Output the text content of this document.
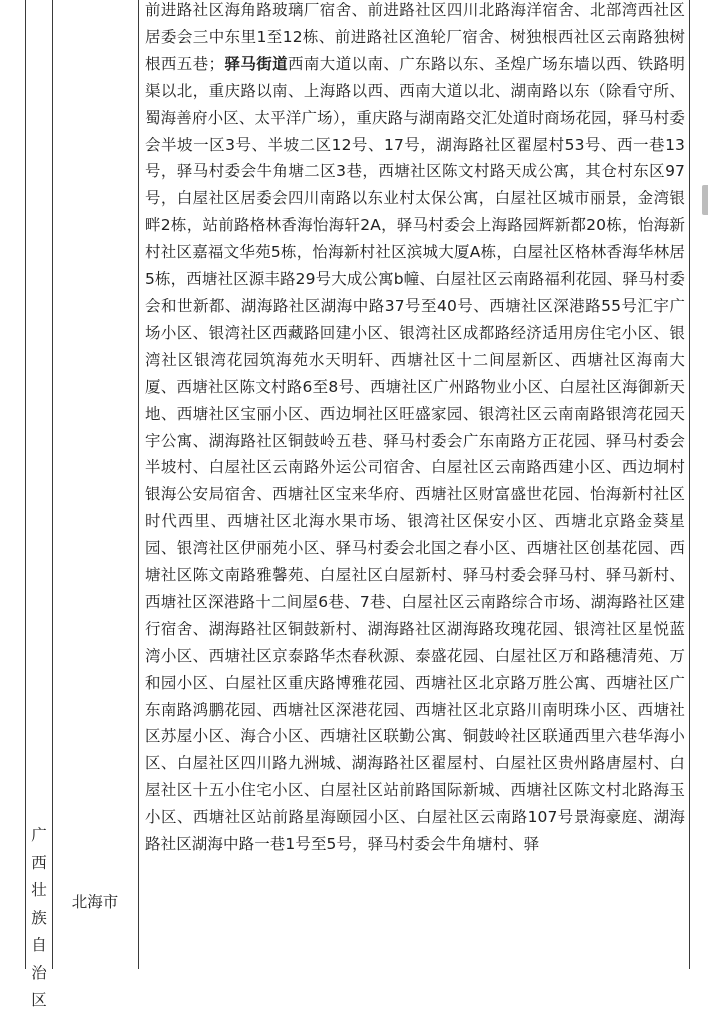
广西壮族自治区
北海市

前进路社区海角路玻璃厂宿舍、前进路社区四川北路海洋宿舍、北部湾西社区居委会三中东里1至12栋、前进路社区渔轮厂宿舍、树独根西社区云南路独树根西五巷；驿马街道西南大道以南、广东路以东、圣煌广场东墙以西、铁路明渠以北，重庆路以南、上海路以西、西南大道以北、湖南路以东（除看守所、蜀海善府小区、太平洋广场），重庆路与湖南路交汇处道时商场花园，驿马村委会半坡一区3号、半坡二区12号、17号，湖海路社区翟屋村53号、西一巷13号，驿马村委会牛角塘二区3巷，西塘社区陈文村路天成公寓，其仓村东区97号，白屋社区居委会四川南路以东业村太保公寓，白屋社区城市丽景，金湾银畔2栋，站前路格林香海怡海轩2A，驿马村委会上海路园辉新都20栋，怡海新村社区嘉福文华苑5栋，怡海新村社区滨城大厦A栋，白屋社区格林香海华林居5栋，西塘社区源丰路29号大成公寓b幢、白屋社区云南路福利花园、驿马村委会和世新都、湖海路社区湖海中路37号至40号、西塘社区深港路55号汇宇广场小区、银湾社区西藏路回建小区、银湾社区成都路经济适用房住宅小区、银湾社区银湾花园筑海苑水天明轩、西塘社区十二间屋新区、西塘社区海南大厦、西塘社区陈文村路6至8号、西塘社区广州路物业小区、白屋社区海御新天地、西塘社区宝丽小区、西边垌社区旺盛家园、银湾社区云南南路银湾花园天宇公寓、湖海路社区铜鼓岭五巷、驿马村委会广东南路方正花园、驿马村委会半坡村、白屋社区云南路外运公司宿舍、白屋社区云南路西建小区、西边垌村银海公安局宿舍、西塘社区宝来华府、西塘社区财富盛世花园、怡海新村社区时代西里、西塘社区北海水果市场、银湾社区保安小区、西塘北京路金葵星园、银湾社区伊丽苑小区、驿马村委会北国之春小区、西塘社区创基花园、西塘社区陈文南路雅馨苑、白屋社区白屋新村、驿马村委会驿马村、驿马新村、西塘社区深港路十二间屋6巷、7巷、白屋社区云南路综合市场、湖海路社区建行宿舍、湖海路社区铜鼓新村、湖海路社区湖海路玫瑰花园、银湾社区星悦蓝湾小区、西塘社区京泰路华杰春秋源、泰盛花园、白屋社区万和路穗清苑、万和园小区、白屋社区重庆路博雅花园、西塘社区北京路万胜公寓、西塘社区广东南路鸿鹏花园、西塘社区深港花园、西塘社区北京路川南明珠小区、西塘社区苏屋小区、海合小区、西塘社区联勤公寓、铜鼓岭社区联通西里六巷华海小区、白屋社区四川路九洲城、湖海路社区翟屋村、白屋社区贵州路唐屋村、白屋社区十五小住宅小区、白屋社区站前路国际新城、西塘社区陈文村北路海玉小区、西塘社区站前路星海颐园小区、白屋社区云南路107号景海豪庭、湖海路社区湖海中路一巷1号至5号，驿马村委会牛角塘村、驿
